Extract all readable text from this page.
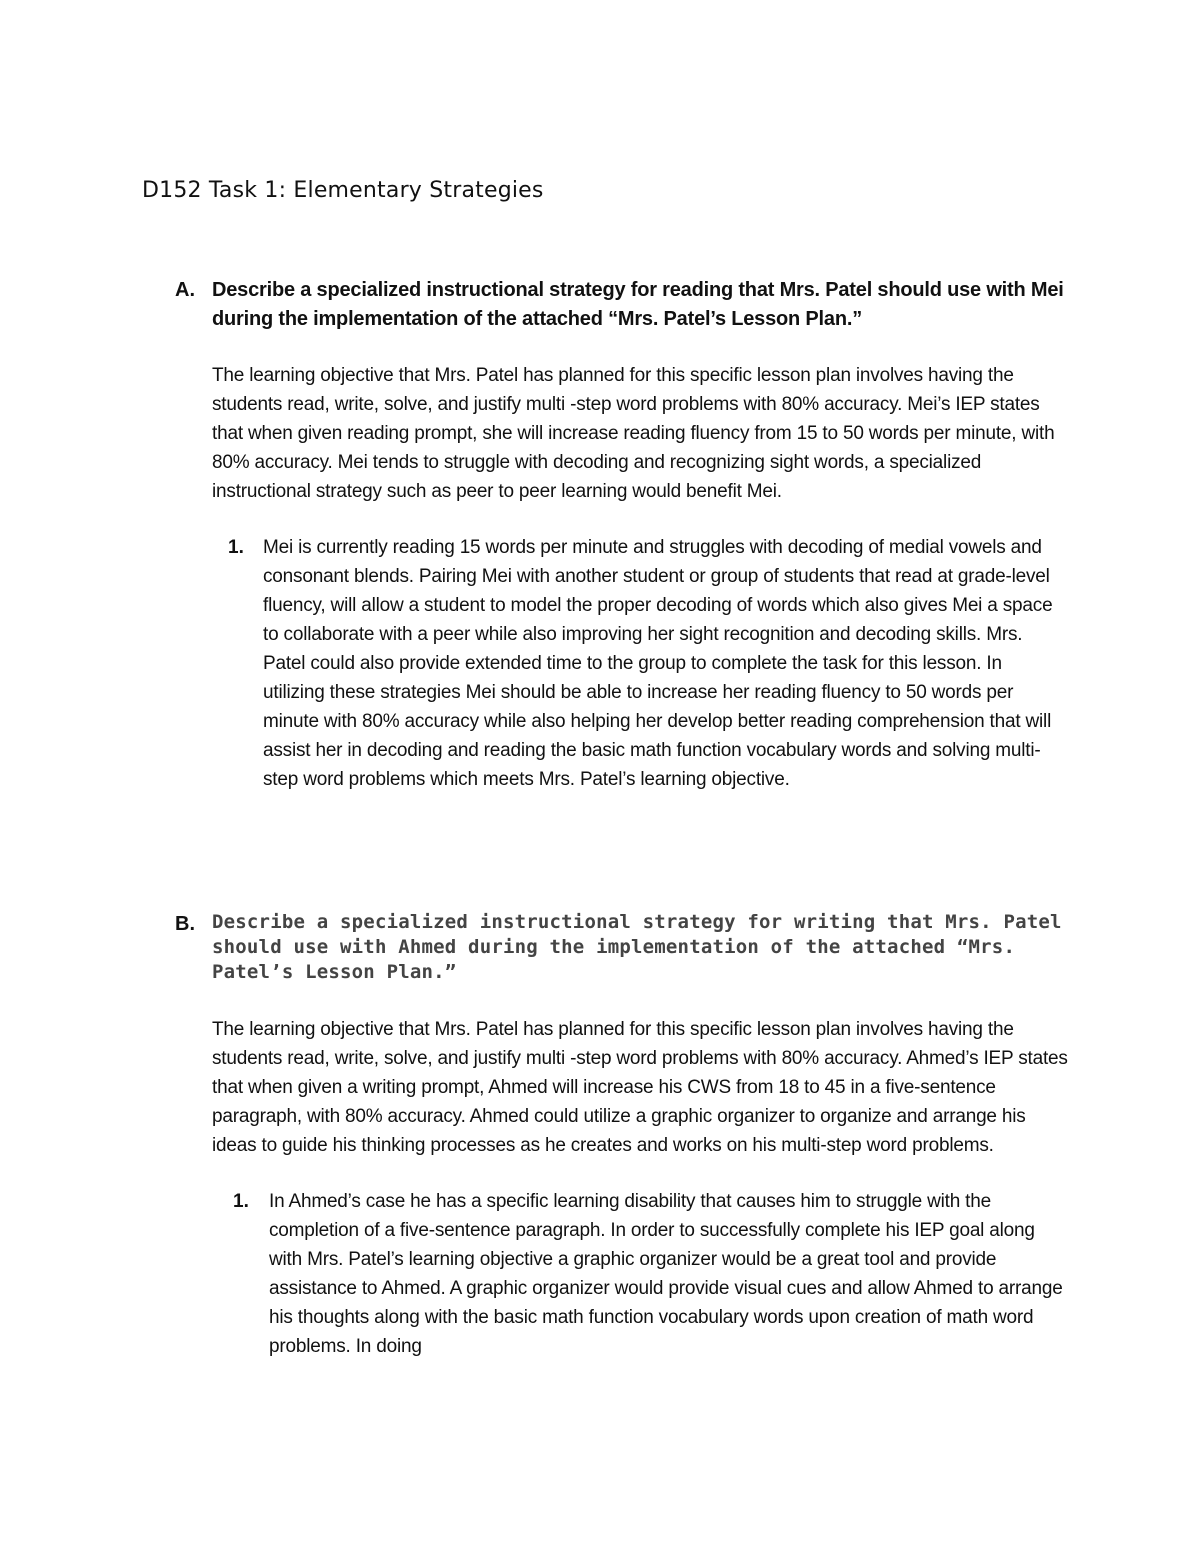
D152 Task 1: Elementary Strategies
A. Describe a specialized instructional strategy for reading that Mrs. Patel should use with Mei during the implementation of the attached “Mrs. Patel’s Lesson Plan.”

The learning objective that Mrs. Patel has planned for this specific lesson plan involves having the students read, write, solve, and justify multi -step word problems with 80% accuracy. Mei’s IEP states that when given reading prompt, she will increase reading fluency from 15 to 50 words per minute, with 80% accuracy. Mei tends to struggle with decoding and recognizing sight words, a specialized instructional strategy such as peer to peer learning would benefit Mei.

1. Mei is currently reading 15 words per minute and struggles with decoding of medial vowels and consonant blends. Pairing Mei with another student or group of students that read at grade-level fluency, will allow a student to model the proper decoding of words which also gives Mei a space to collaborate with a peer while also improving her sight recognition and decoding skills. Mrs. Patel could also provide extended time to the group to complete the task for this lesson. In utilizing these strategies Mei should be able to increase her reading fluency to 50 words per minute with 80% accuracy while also helping her develop better reading comprehension that will assist her in decoding and reading the basic math function vocabulary words and solving multi-step word problems which meets Mrs. Patel’s learning objective.

B. Describe a specialized instructional strategy for writing that Mrs. Patel should use with Ahmed during the implementation of the attached “Mrs. Patel’s Lesson Plan.”

The learning objective that Mrs. Patel has planned for this specific lesson plan involves having the students read, write, solve, and justify multi -step word problems with 80% accuracy. Ahmed’s IEP states that when given a writing prompt, Ahmed will increase his CWS from 18 to 45 in a five-sentence paragraph, with 80% accuracy. Ahmed could utilize a graphic organizer to organize and arrange his ideas to guide his thinking processes as he creates and works on his multi-step word problems.

1. In Ahmed’s case he has a specific learning disability that causes him to struggle with the completion of a five-sentence paragraph. In order to successfully complete his IEP goal along with Mrs. Patel’s learning objective a graphic organizer would be a great tool and provide assistance to Ahmed. A graphic organizer would provide visual cues and allow Ahmed to arrange his thoughts along with the basic math function vocabulary words upon creation of math word problems. In doing
